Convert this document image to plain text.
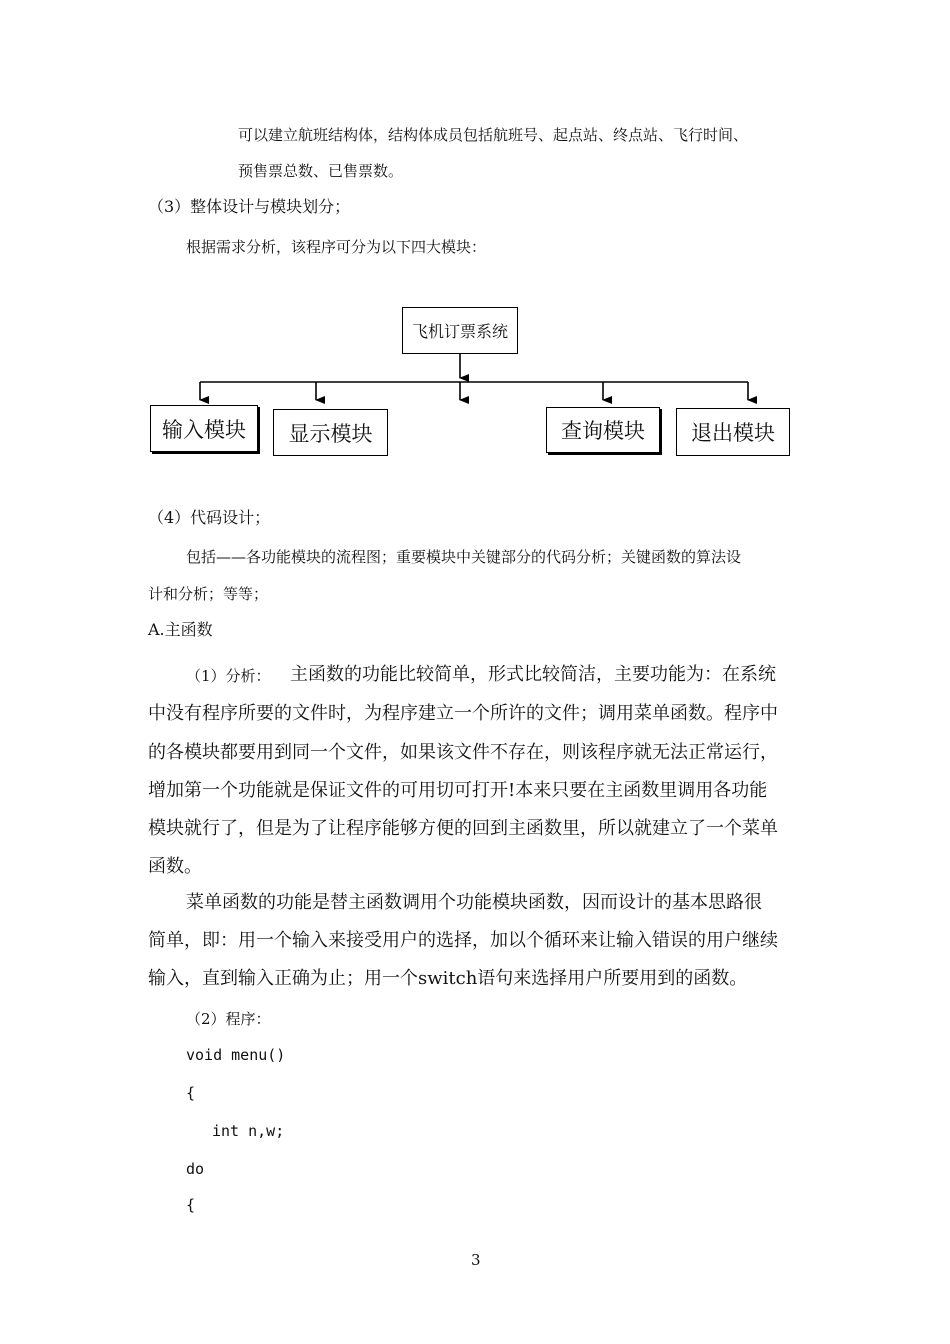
可以建立航班结构体，结构体成员包括航班号、起点站、终点站、飞行时间、
预售票总数、已售票数。
（3）整体设计与模块划分；
根据需求分析，该程序可分为以下四大模块：
飞机订票系统
输入模块	显示模块	查询模块	退出模块
（4）代码设计；
包括——各功能模块的流程图；重要模块中关键部分的代码分析；关键函数的算法设
计和分析；等等；
A.主函数
（1）分析： 主函数的功能比较简单，形式比较简洁，主要功能为：在系统
中没有程序所要的文件时，为程序建立一个所许的文件；调用菜单函数。程序中
的各模块都要用到同一个文件，如果该文件不存在，则该程序就无法正常运行，
增加第一个功能就是保证文件的可用切可打开!本来只要在主函数里调用各功能
模块就行了，但是为了让程序能够方便的回到主函数里，所以就建立了一个菜单
函数。
菜单函数的功能是替主函数调用个功能模块函数，因而设计的基本思路很
简单，即：用一个输入来接受用户的选择，加以个循环来让输入错误的用户继续
输入，直到输入正确为止；用一个switch语句来选择用户所要用到的函数。
（2）程序：
void menu()
{
int n,w;
do
{
3
